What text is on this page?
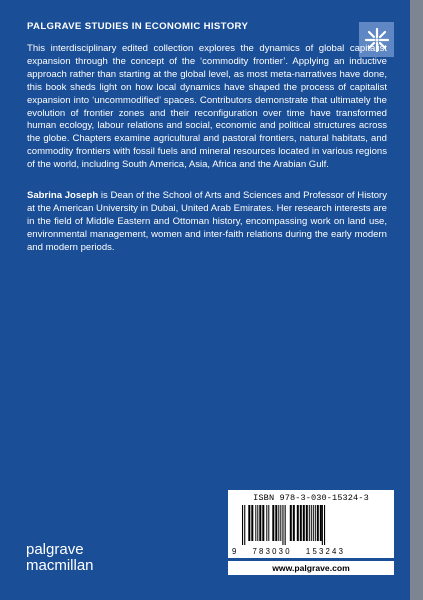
PALGRAVE STUDIES IN ECONOMIC HISTORY

This interdisciplinary edited collection explores the dynamics of global capitalist expansion through the concept of the ‘commodity frontier’. Applying an inductive approach rather than starting at the global level, as most meta-narratives have done, this book sheds light on how local dynamics have shaped the process of capitalist expansion into ‘uncommodified’ spaces. Contributors demonstrate that ultimately the evolution of frontier zones and their reconfiguration over time have transformed human ecology, labour relations and social, economic and political structures across the globe. Chapters examine agricultural and pastoral frontiers, natural habitats, and commodity frontiers with fossil fuels and mineral resources located in various regions of the world, including South America, Asia, Africa and the Arabian Gulf.

Sabrina Joseph is Dean of the School of Arts and Sciences and Professor of History at the American University in Dubai, United Arab Emirates. Her research interests are in the field of Middle Eastern and Ottoman history, encompassing work on land use, environmental management, women and inter-faith relations during the early modern and modern periods.

ISBN 978-3-030-15324-3
9 783030 153243
www.palgrave.com
palgrave
macmillan
